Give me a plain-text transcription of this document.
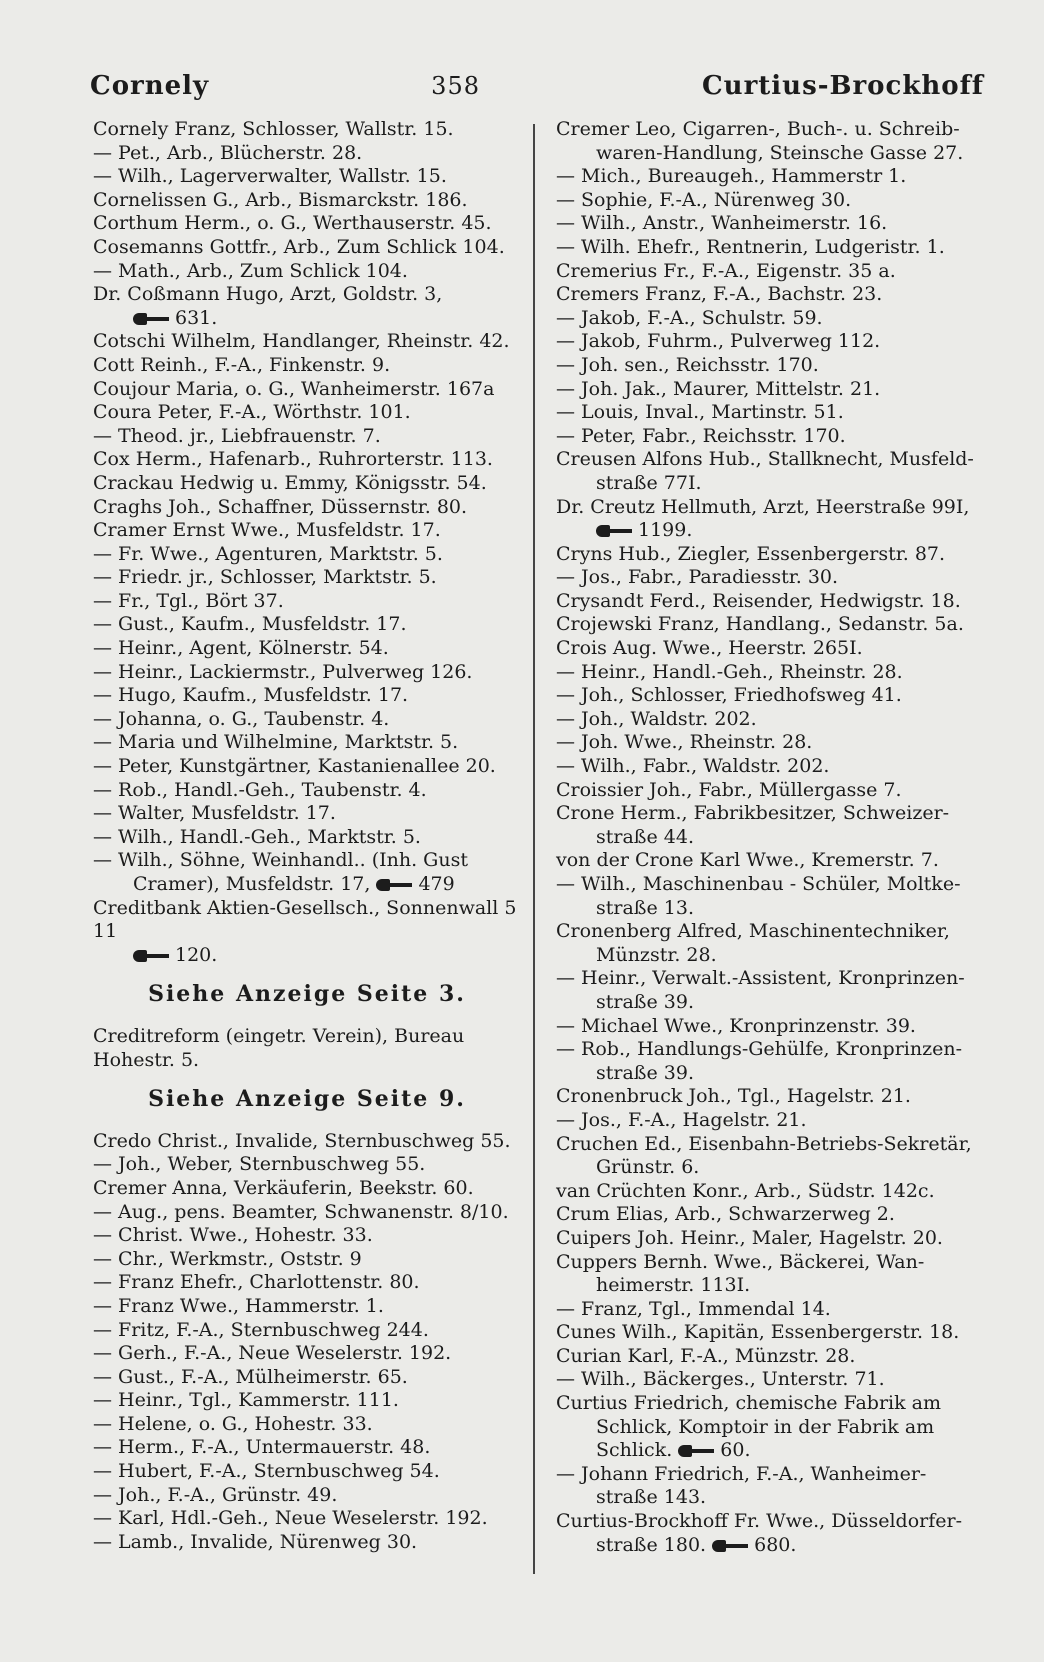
Cornely	358	Curtius-Brockhoff
Cornely Franz, Schlosser, Wallstr. 15.
— Pet., Arb., Blücherstr. 28.
— Wilh., Lagerverwalter, Wallstr. 15.
Cornelissen G., Arb., Bismarckstr. 186.
Corthum Herm., o. G., Werthauserstr. 45.
Cosemanns Gottfr., Arb., Zum Schlick 104.
— Math., Arb., Zum Schlick 104.
Dr. Coßmann Hugo, Arzt, Goldstr. 3,
631.
Cotschi Wilhelm, Handlanger, Rheinstr. 42.
Cott Reinh., F.-A., Finkenstr. 9.
Coujour Maria, o. G., Wanheimerstr. 167a
Coura Peter, F.-A., Wörthstr. 101.
— Theod. jr., Liebfrauenstr. 7.
Cox Herm., Hafenarb., Ruhrorterstr. 113.
Crackau Hedwig u. Emmy, Königsstr. 54.
Craghs Joh., Schaffner, Düssernstr. 80.
Cramer Ernst Wwe., Musfeldstr. 17.
— Fr. Wwe., Agenturen, Marktstr. 5.
— Friedr. jr., Schlosser, Marktstr. 5.
— Fr., Tgl., Bört 37.
— Gust., Kaufm., Musfeldstr. 17.
— Heinr., Agent, Kölnerstr. 54.
— Heinr., Lackiermstr., Pulverweg 126.
— Hugo, Kaufm., Musfeldstr. 17.
— Johanna, o. G., Taubenstr. 4.
— Maria und Wilhelmine, Marktstr. 5.
— Peter, Kunstgärtner, Kastanienallee 20.
— Rob., Handl.-Geh., Taubenstr. 4.
— Walter, Musfeldstr. 17.
— Wilh., Handl.-Geh., Marktstr. 5.
— Wilh., Söhne, Weinhandl.. (Inh. Gust
Cramer), Musfeldstr. 17,	479
Creditbank Aktien-Gesellsch., Sonnenwall 5 11
120.
Siehe Anzeige Seite 3.
Creditreform (eingetr. Verein), Bureau
Hohestr. 5.
Siehe Anzeige Seite 9.
Credo Christ., Invalide, Sternbuschweg 55.
— Joh., Weber, Sternbuschweg 55.
Cremer Anna, Verkäuferin, Beekstr. 60.
— Aug., pens. Beamter, Schwanenstr. 8/10.
— Christ. Wwe., Hohestr. 33.
— Chr., Werkmstr., Oststr. 9
— Franz Ehefr., Charlottenstr. 80.
— Franz Wwe., Hammerstr. 1.
— Fritz, F.-A., Sternbuschweg 244.
— Gerh., F.-A., Neue Weselerstr. 192.
— Gust., F.-A., Mülheimerstr. 65.
— Heinr., Tgl., Kammerstr. 111.
— Helene, o. G., Hohestr. 33.
— Herm., F.-A., Untermauerstr. 48.
— Hubert, F.-A., Sternbuschweg 54.
— Joh., F.-A., Grünstr. 49.
— Karl, Hdl.-Geh., Neue Weselerstr. 192.
— Lamb., Invalide, Nürenweg 30.
Cremer Leo, Cigarren-, Buch-. u. Schreib-
waren-Handlung, Steinsche Gasse 27.
— Mich., Bureaugeh., Hammerstr 1.
— Sophie, F.-A., Nürenweg 30.
— Wilh., Anstr., Wanheimerstr. 16.
— Wilh. Ehefr., Rentnerin, Ludgeristr. 1.
Cremerius Fr., F.-A., Eigenstr. 35 a.
Cremers Franz, F.-A., Bachstr. 23.
— Jakob, F.-A., Schulstr. 59.
— Jakob, Fuhrm., Pulverweg 112.
— Joh. sen., Reichsstr. 170.
— Joh. Jak., Maurer, Mittelstr. 21.
— Louis, Inval., Martinstr. 51.
— Peter, Fabr., Reichsstr. 170.
Creusen Alfons Hub., Stallknecht, Musfeld-
straße 77I.
Dr. Creutz Hellmuth, Arzt, Heerstraße 99I,
1199.
Cryns Hub., Ziegler, Essenbergerstr. 87.
— Jos., Fabr., Paradiesstr. 30.
Crysandt Ferd., Reisender, Hedwigstr. 18.
Crojewski Franz, Handlang., Sedanstr. 5a.
Crois Aug. Wwe., Heerstr. 265I.
— Heinr., Handl.-Geh., Rheinstr. 28.
— Joh., Schlosser, Friedhofsweg 41.
— Joh., Waldstr. 202.
— Joh. Wwe., Rheinstr. 28.
— Wilh., Fabr., Waldstr. 202.
Croissier Joh., Fabr., Müllergasse 7.
Crone Herm., Fabrikbesitzer, Schweizer-
straße 44.
von der Crone Karl Wwe., Kremerstr. 7.
— Wilh., Maschinenbau - Schüler, Moltke-
straße 13.
Cronenberg Alfred, Maschinentechniker,
Münzstr. 28.
— Heinr., Verwalt.-Assistent, Kronprinzen-
straße 39.
— Michael Wwe., Kronprinzenstr. 39.
— Rob., Handlungs-Gehülfe, Kronprinzen-
straße 39.
Cronenbruck Joh., Tgl., Hagelstr. 21.
— Jos., F.-A., Hagelstr. 21.
Cruchen Ed., Eisenbahn-Betriebs-Sekretär,
Grünstr. 6.
van Crüchten Konr., Arb., Südstr. 142c.
Crum Elias, Arb., Schwarzerweg 2.
Cuipers Joh. Heinr., Maler, Hagelstr. 20.
Cuppers Bernh. Wwe., Bäckerei, Wan-
heimerstr. 113I.
— Franz, Tgl., Immendal 14.
Cunes Wilh., Kapitän, Essenbergerstr. 18.
Curian Karl, F.-A., Münzstr. 28.
— Wilh., Bäckerges., Unterstr. 71.
Curtius Friedrich, chemische Fabrik am
Schlick, Komptoir in der Fabrik am
Schlick.	60.
— Johann Friedrich, F.-A., Wanheimer-
straße 143.
Curtius-Brockhoff Fr. Wwe., Düsseldorfer-
straße 180.	680.
